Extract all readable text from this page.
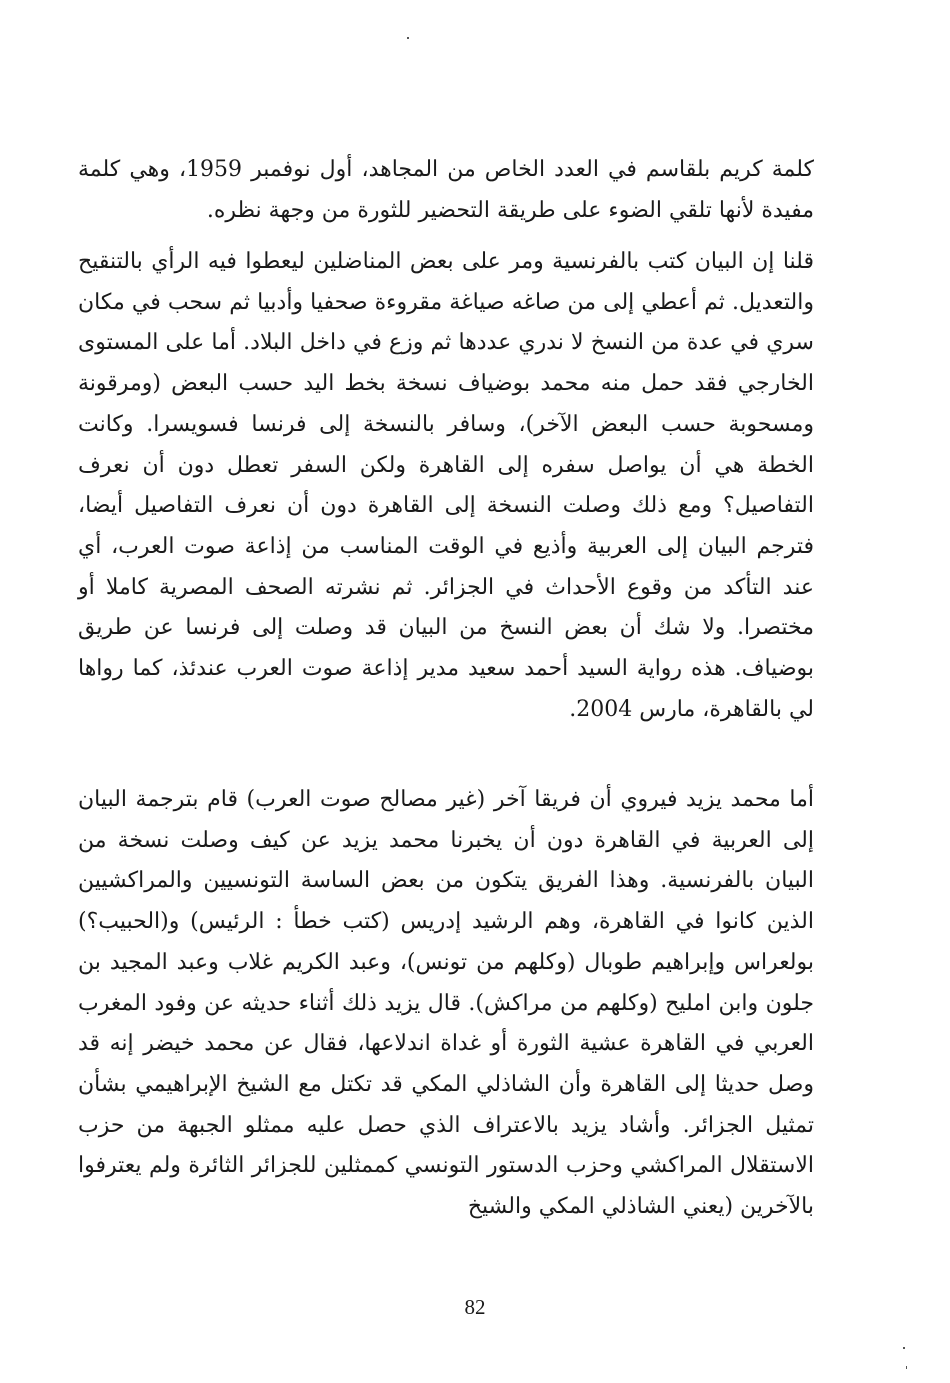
كلمة كريم بلقاسم في العدد الخاص من المجاهد، أول نوفمبر 1959، وهي كلمة مفيدة لأنها تلقي الضوء على طريقة التحضير للثورة من وجهة نظره.

قلنا إن البيان كتب بالفرنسية ومر على بعض المناضلين ليعطوا فيه الرأي بالتنقيح والتعديل. ثم أعطي إلى من صاغه صياغة مقروءة صحفيا وأدبيا ثم سحب في مكان سري في عدة من النسخ لا ندري عددها ثم وزع في داخل البلاد. أما على المستوى الخارجي فقد حمل منه محمد بوضياف نسخة بخط اليد حسب البعض (ومرقونة ومسحوبة حسب البعض الآخر)، وسافر بالنسخة إلى فرنسا فسويسرا. وكانت الخطة هي أن يواصل سفره إلى القاهرة ولكن السفر تعطل دون أن نعرف التفاصيل؟ ومع ذلك وصلت النسخة إلى القاهرة دون أن نعرف التفاصيل أيضا، فترجم البيان إلى العربية وأذيع في الوقت المناسب من إذاعة صوت العرب، أي عند التأكد من وقوع الأحداث في الجزائر. ثم نشرته الصحف المصرية كاملا أو مختصرا. ولا شك أن بعض النسخ من البيان قد وصلت إلى فرنسا عن طريق بوضياف. هذه رواية السيد أحمد سعيد مدير إذاعة صوت العرب عندئذ، كما رواها لي بالقاهرة، مارس 2004.

أما محمد يزيد فيروي أن فريقا آخر (غير مصالح صوت العرب) قام بترجمة البيان إلى العربية في القاهرة دون أن يخبرنا محمد يزيد عن كيف وصلت نسخة من البيان بالفرنسية. وهذا الفريق يتكون من بعض الساسة التونسيين والمراكشيين الذين كانوا في القاهرة، وهم الرشيد إدريس (كتب خطأ : الرئيس) و(الحبيب؟) بولعراس وإبراهيم طوبال (وكلهم من تونس)، وعبد الكريم غلاب وعبد المجيد بن جلون وابن امليح (وكلهم من مراكش). قال يزيد ذلك أثناء حديثه عن وفود المغرب العربي في القاهرة عشية الثورة أو غداة اندلاعها، فقال عن محمد خيضر إنه قد وصل حديثا إلى القاهرة وأن الشاذلي المكي قد تكتل مع الشيخ الإبراهيمي بشأن تمثيل الجزائر. وأشاد يزيد بالاعتراف الذي حصل عليه ممثلو الجبهة من حزب الاستقلال المراكشي وحزب الدستور التونسي كممثلين للجزائر الثائرة ولم يعترفوا بالآخرين (يعني الشاذلي المكي والشيخ

82
